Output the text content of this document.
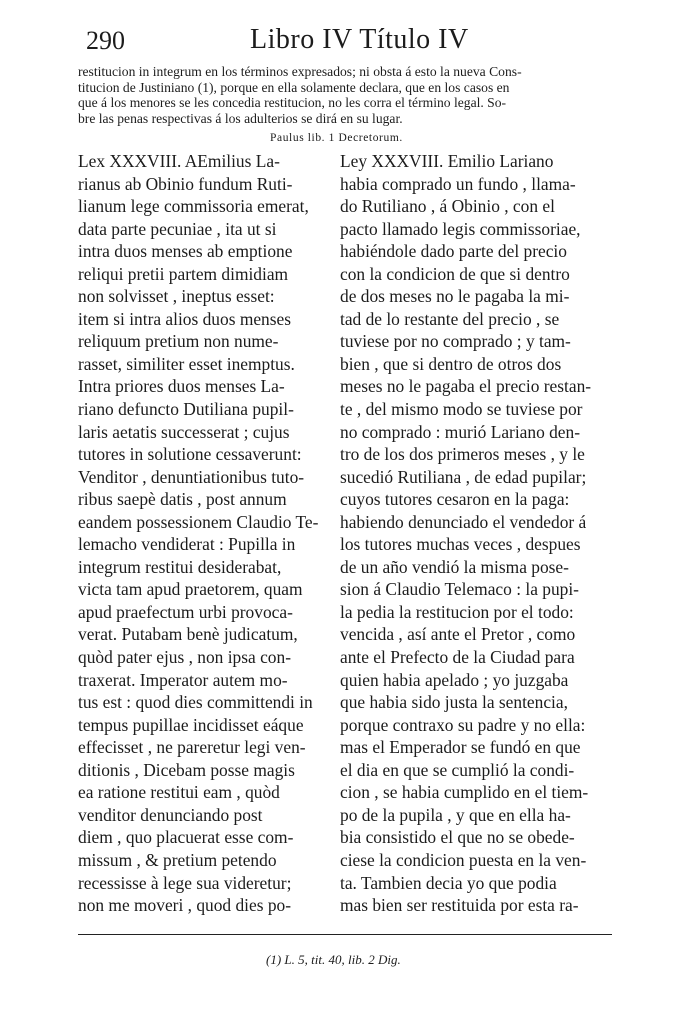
290	Libro IV Título IV
restitucion in integrum en los términos expresados; ni obsta á esto la nueva Cons-
titucion de Justiniano (1), porque en ella solamente declara, que en los casos en
que á los menores se les concedia restitucion, no les corra el término legal. So-
bre las penas respectivas á los adulterios se dirá en su lugar.
Paulus lib. 1 Decretorum.
Lex XXXVIII. AEmilius La-
rianus ab Obinio fundum Ruti-
lianum lege commissoria emerat,
data parte pecuniae , ita ut si
intra duos menses ab emptione
reliqui pretii partem dimidiam
non solvisset , ineptus esset:
item si intra alios duos menses
reliquum pretium non nume-
rasset, similiter esset inemptus.
Intra priores duos menses La-
riano defuncto Dutiliana pupil-
laris aetatis successerat ; cujus
tutores in solutione cessaverunt:
Venditor , denuntiationibus tuto-
ribus saepè datis , post annum
eandem possessionem Claudio Te-
lemacho vendiderat : Pupilla in
integrum restitui desiderabat,
victa tam apud praetorem, quam
apud praefectum urbi provoca-
verat. Putabam benè judicatum,
quòd pater ejus , non ipsa con-
traxerat. Imperator autem mo-
tus est : quod dies committendi in
tempus pupillae incidisset eáque
effecisset , ne pareretur legi ven-
ditionis , Dicebam posse magis
ea ratione restitui eam , quòd
venditor denunciando post
diem , quo placuerat esse com-
missum , & pretium petendo
recessisse à lege sua videretur;
non me moveri , quod dies po-
Ley XXXVIII. Emilio Lariano
habia comprado un fundo , llama-
do Rutiliano , á Obinio , con el
pacto llamado legis commissoriae,
habiéndole dado parte del precio
con la condicion de que si dentro
de dos meses no le pagaba la mi-
tad de lo restante del precio , se
tuviese por no comprado ; y tam-
bien , que si dentro de otros dos
meses no le pagaba el precio restan-
te , del mismo modo se tuviese por
no comprado : murió Lariano den-
tro de los dos primeros meses , y le
sucedió Rutiliana , de edad pupilar;
cuyos tutores cesaron en la paga:
habiendo denunciado el vendedor á
los tutores muchas veces , despues
de un año vendió la misma pose-
sion á Claudio Telemaco : la pupi-
la pedia la restitucion por el todo:
vencida , así ante el Pretor , como
ante el Prefecto de la Ciudad para
quien habia apelado ; yo juzgaba
que habia sido justa la sentencia,
porque contraxo su padre y no ella:
mas el Emperador se fundó en que
el dia en que se cumplió la condi-
cion , se habia cumplido en el tiem-
po de la pupila , y que en ella ha-
bia consistido el que no se obede-
ciese la condicion puesta en la ven-
ta. Tambien decia yo que podia
mas bien ser restituida por esta ra-
(1) L. 5, tit. 40, lib. 2 Dig.
